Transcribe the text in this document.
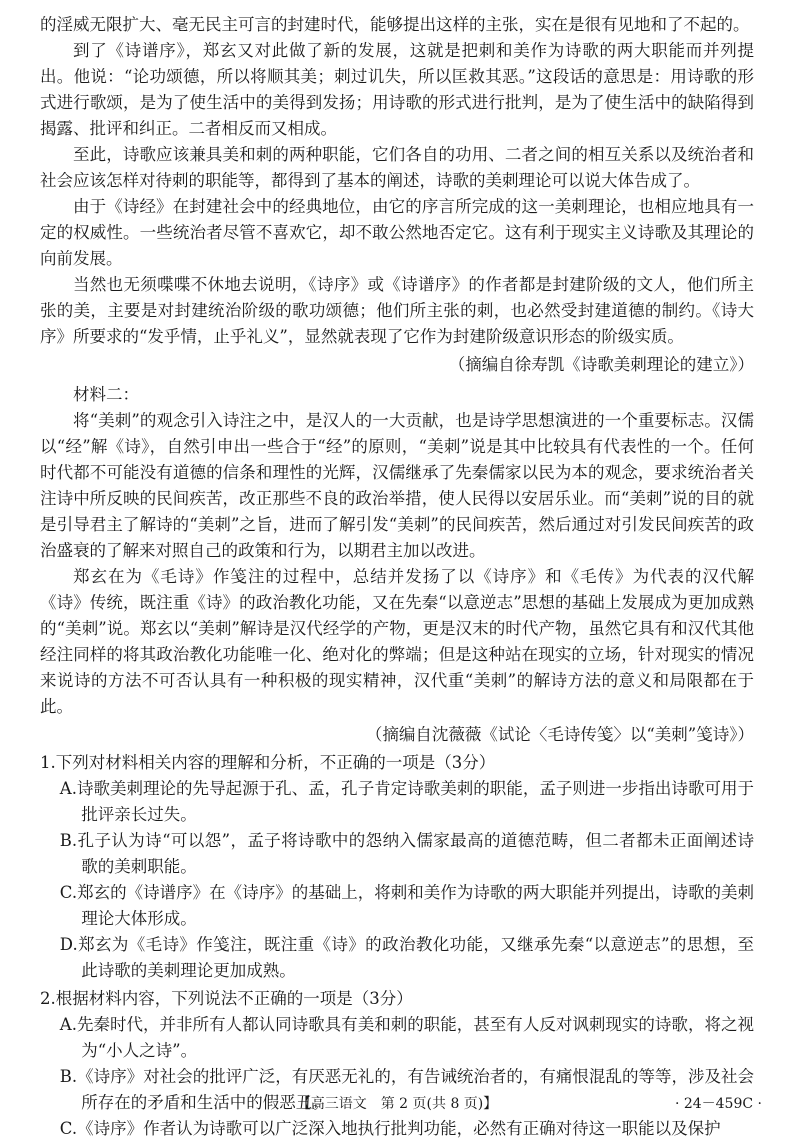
的淫威无限扩大、毫无民主可言的封建时代，能够提出这样的主张，实在是很有见地和了不起的。

到了《诗谱序》，郑玄又对此做了新的发展，这就是把刺和美作为诗歌的两大职能而并列提出。他说：“论功颂德，所以将顺其美；刺过讥失，所以匡救其恶。”这段话的意思是：用诗歌的形式进行歌颂，是为了使生活中的美得到发扬；用诗歌的形式进行批判，是为了使生活中的缺陷得到揭露、批评和纠正。二者相反而又相成。

至此，诗歌应该兼具美和刺的两种职能，它们各自的功用、二者之间的相互关系以及统治者和社会应该怎样对待刺的职能等，都得到了基本的阐述，诗歌的美刺理论可以说大体告成了。

由于《诗经》在封建社会中的经典地位，由它的序言所完成的这一美刺理论，也相应地具有一定的权威性。一些统治者尽管不喜欢它，却不敢公然地否定它。这有利于现实主义诗歌及其理论的向前发展。

当然也无须喋喋不休地去说明，《诗序》或《诗谱序》的作者都是封建阶级的文人，他们所主张的美，主要是对封建统治阶级的歌功颂德；他们所主张的刺，也必然受封建道德的制约。《诗大序》所要求的“发乎情，止乎礼义”，显然就表现了它作为封建阶级意识形态的阶级实质。

（摘编自徐寿凯《诗歌美刺理论的建立》）

材料二：

将“美刺”的观念引入诗注之中，是汉人的一大贡献，也是诗学思想演进的一个重要标志。汉儒以“经”解《诗》，自然引申出一些合于“经”的原则，“美刺”说是其中比较具有代表性的一个。任何时代都不可能没有道德的信条和理性的光辉，汉儒继承了先秦儒家以民为本的观念，要求统治者关注诗中所反映的民间疾苦，改正那些不良的政治举措，使人民得以安居乐业。而“美刺”说的目的就是引导君主了解诗的“美刺”之旨，进而了解引发“美刺”的民间疾苦，然后通过对引发民间疾苦的政治盛衰的了解来对照自己的政策和行为，以期君主加以改进。

郑玄在为《毛诗》作笺注的过程中，总结并发扬了以《诗序》和《毛传》为代表的汉代解《诗》传统，既注重《诗》的政治教化功能，又在先秦“以意逆志”思想的基础上发展成为更加成熟的“美刺”说。郑玄以“美刺”解诗是汉代经学的产物，更是汉末的时代产物，虽然它具有和汉代其他经注同样的将其政治教化功能唯一化、绝对化的弊端；但是这种站在现实的立场，针对现实的情况来说诗的方法不可否认具有一种积极的现实精神，汉代重“美刺”的解诗方法的意义和局限都在于此。

（摘编自沈薇薇《试论〈毛诗传笺〉以“美刺”笺诗》）

1.下列对材料相关内容的理解和分析，不正确的一项是（3分）

A.诗歌美刺理论的先导起源于孔、孟，孔子肯定诗歌美刺的职能，孟子则进一步指出诗歌可用于批评亲长过失。

B.孔子认为诗“可以怨”，孟子将诗歌中的怨纳入儒家最高的道德范畴，但二者都未正面阐述诗歌的美刺职能。

C.郑玄的《诗谱序》在《诗序》的基础上，将刺和美作为诗歌的两大职能并列提出，诗歌的美刺理论大体形成。

D.郑玄为《毛诗》作笺注，既注重《诗》的政治教化功能，又继承先秦“以意逆志”的思想，至此诗歌的美刺理论更加成熟。

2.根据材料内容，下列说法不正确的一项是（3分）

A.先秦时代，并非所有人都认同诗歌具有美和刺的职能，甚至有人反对讽刺现实的诗歌，将之视为“小人之诗”。

B.《诗序》对社会的批评广泛，有厌恶无礼的，有告诫统治者的，有痛恨混乱的等等，涉及社会所存在的矛盾和生活中的假恶丑。

C.《诗序》作者认为诗歌可以广泛深入地执行批判功能，必然有正确对待这一职能以及保护

【高三语文　第 2 页(共 8 页)】	· 24－459C ·
